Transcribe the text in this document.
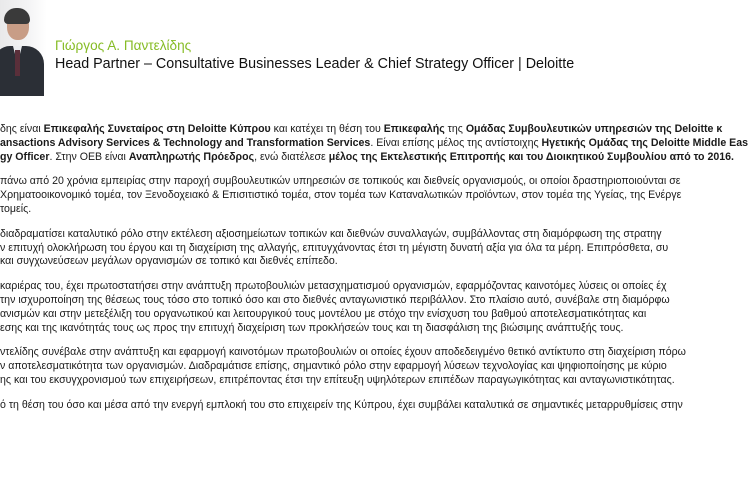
Γιώργος Α. Παντελίδης
Head Partner – Consultative Businesses Leader & Chief Strategy Officer | Deloitte
δης είναι Επικεφαλής Συνεταίρος στη Deloitte Κύπρου και κατέχει τη θέση του Επικεφαλής της Ομάδας Συμβουλευτικών υπηρεσιών της Deloitte κ
ansactions Advisory Services & Technology and Transformation Services. Είναι επίσης μέλος της αντίστοιχης Ηγετικής Ομάδας της Deloitte Middle Eas
gy Officer. Στην ΟΕΒ είναι Αναπληρωτής Πρόεδρος, ενώ διατέλεσε μέλος της Εκτελεστικής Επιτροπής και του Διοικητικού Συμβουλίου από το 2016.
πάνω από 20 χρόνια εμπειρίας στην παροχή συμβουλευτικών υπηρεσιών σε τοπικούς και διεθνείς οργανισμούς, οι οποίοι δραστηριοποιούνται σε
Χρηματοοικονομικό τομέα, τον Ξενοδοχειακό & Επισιτιστικό τομέα, στον τομέα των Καταναλωτικών προϊόντων, στον τομέα της Υγείας, της Ενέργε
τομείς.
διαδραματίσει καταλυτικό ρόλο στην εκτέλεση αξιοσημείωτων τοπικών και διεθνών συναλλαγών, συμβάλλοντας στη διαμόρφωση της στρατηγ
ν επιτυχή ολοκλήρωση του έργου και τη διαχείριση της αλλαγής, επιτυγχάνοντας έτσι τη μέγιστη δυνατή αξία για όλα τα μέρη. Επιπρόσθετα, συ
και συγχωνεύσεων μεγάλων οργανισμών σε τοπικό και διεθνές επίπεδο.
καριέρας του, έχει πρωτοστατήσει στην ανάπτυξη πρωτοβουλιών μετασχηματισμού οργανισμών, εφαρμόζοντας καινοτόμες λύσεις οι οποίες έχ
την ισχυροποίηση της θέσεως τους τόσο στο τοπικό όσο και στο διεθνές ανταγωνιστικό περιβάλλον. Στο πλαίσιο αυτό, συνέβαλε στη διαμόρφω
ανισμών και στην μετεξέλιξη του οργανωτικού και λειτουργικού τους μοντέλου με στόχο την ενίσχυση του βαθμού αποτελεσματικότητας και
εσης και της ικανότητάς τους ως προς την επιτυχή διαχείριση των προκλήσεών τους και τη διασφάλιση της βιώσιμης ανάπτυξής τους.
ντελίδης συνέβαλε στην ανάπτυξη και εφαρμογή καινοτόμων πρωτοβουλιών οι οποίες έχουν αποδεδειγμένο θετικό αντίκτυπο στη διαχείριση πόρω
ν αποτελεσματικότητα των οργανισμών. Διαδραμάτισε επίσης, σημαντικό ρόλο στην εφαρμογή λύσεων τεχνολογίας και ψηφιοποίησης με κύριο
ης και του εκσυγχρονισμού των επιχειρήσεων, επιτρέποντας έτσι την επίτευξη υψηλότερων επιπέδων παραγωγικότητας και ανταγωνιστικότητας.
ό τη θέση του όσο και μέσα από την ενεργή εμπλοκή του στο επιχειρείν της Κύπρου, έχει συμβάλει καταλυτικά σε σημαντικές μεταρρυθμίσεις στην
